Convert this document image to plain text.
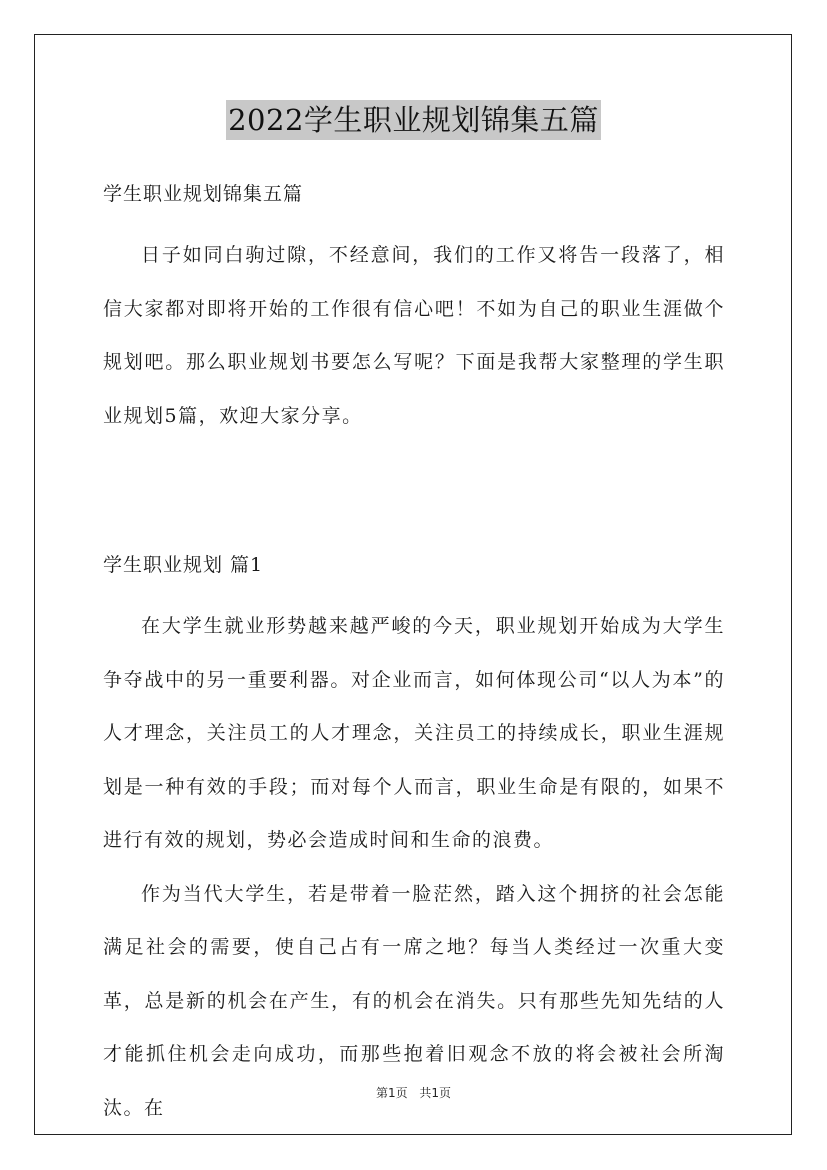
2022学生职业规划锦集五篇

学生职业规划锦集五篇

日子如同白驹过隙，不经意间，我们的工作又将告一段落了，相信大家都对即将开始的工作很有信心吧！不如为自己的职业生涯做个规划吧。那么职业规划书要怎么写呢？下面是我帮大家整理的学生职业规划5篇，欢迎大家分享。

学生职业规划 篇1

在大学生就业形势越来越严峻的今天，职业规划开始成为大学生争夺战中的另一重要利器。对企业而言，如何体现公司“以人为本”的人才理念，关注员工的人才理念，关注员工的持续成长，职业生涯规划是一种有效的手段；而对每个人而言，职业生命是有限的，如果不进行有效的规划，势必会造成时间和生命的浪费。

作为当代大学生，若是带着一脸茫然，踏入这个拥挤的社会怎能满足社会的需要，使自己占有一席之地？每当人类经过一次重大变革，总是新的机会在产生，有的机会在消失。只有那些先知先结的人才能抓住机会走向成功，而那些抱着旧观念不放的将会被社会所淘汰。在

第1页 共1页
